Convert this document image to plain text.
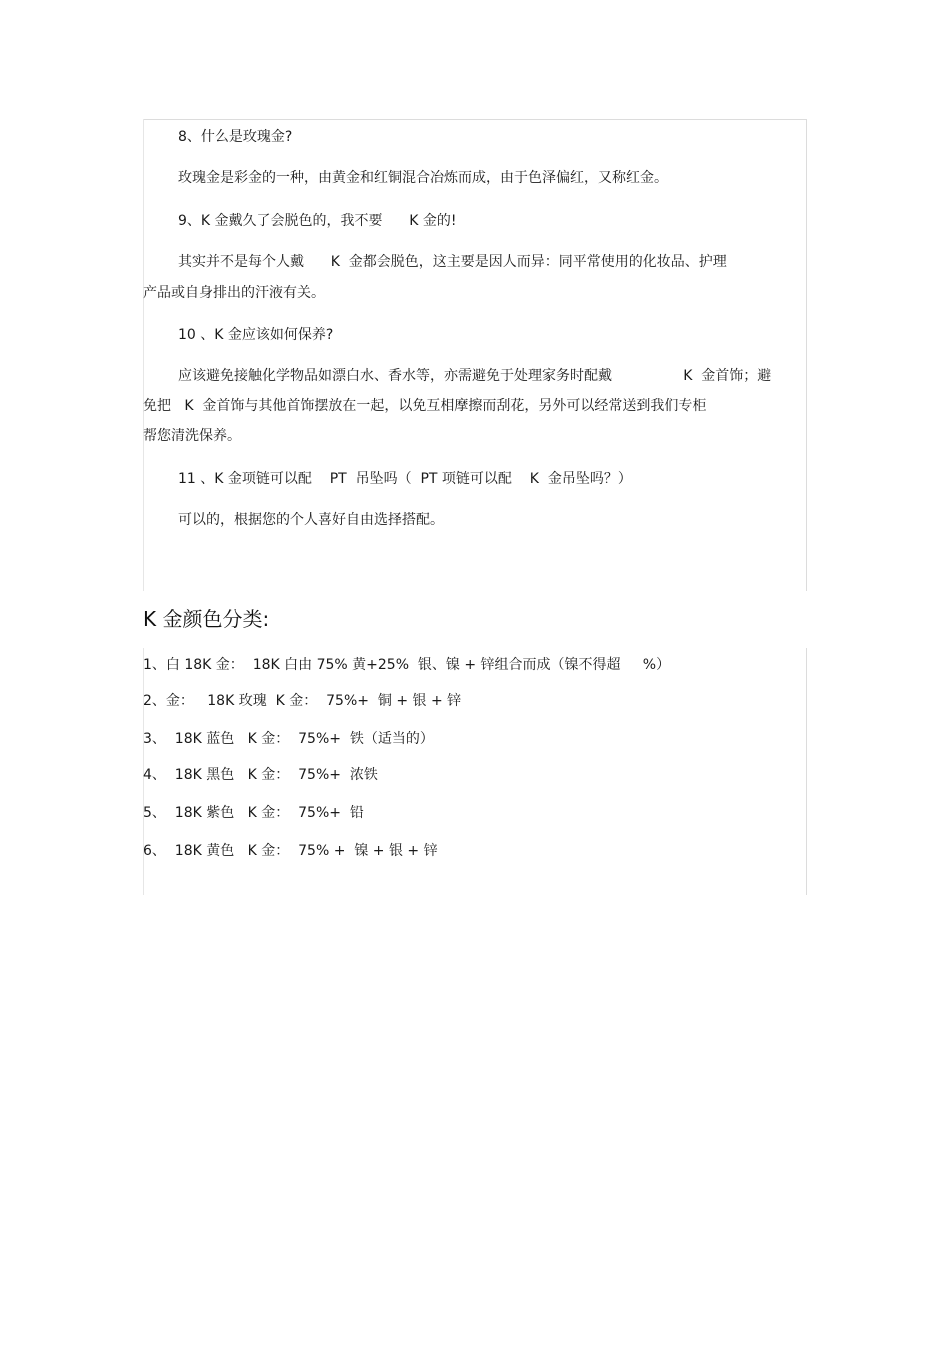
8、什么是玫瑰金?
玫瑰金是彩金的一种，由黄金和红铜混合冶炼而成，由于色泽偏红，又称红金。
9、K 金戴久了会脱色的，我不要      K 金的!
其实并不是每个人戴      K  金都会脱色，这主要是因人而异：同平常使用的化妆品、护理
产品或自身排出的汗液有关。
10 、K 金应该如何保养?
应该避免接触化学物品如漂白水、香水等，亦需避免于处理家务时配戴                K  金首饰；避
免把   K  金首饰与其他首饰摆放在一起，以免互相摩擦而刮花，另外可以经常送到我们专柜
帮您清洗保养。
11 、K 金项链可以配    PT  吊坠吗（  PT 项链可以配    K  金吊坠吗？）
可以的，根据您的个人喜好自由选择搭配。
K 金颜色分类:
1、白 18K 金：  18K 白由 75% 黄+25%  银、镍 + 锌组合而成（镍不得超     %）
2、金：   18K 玫瑰  K 金：  75%+  铜 + 银 + 锌
3、  18K 蓝色   K 金：  75%+  铁（适当的）
4、  18K 黑色   K 金：  75%+  浓铁
5、  18K 紫色   K 金：  75%+  铅
6、  18K 黄色   K 金：  75% +  镍 + 银 + 锌
